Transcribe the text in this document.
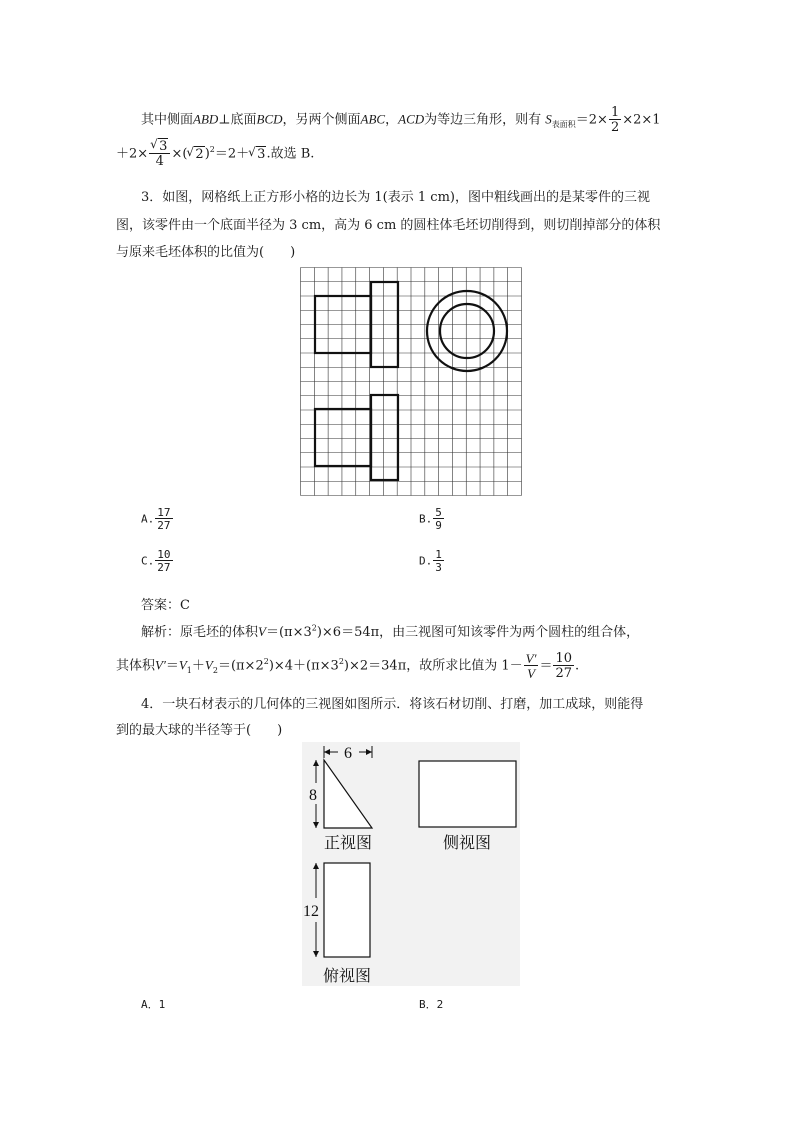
其中侧面ABD⊥底面BCD，另两个侧面ABC，ACD为等边三角形，则有 $S_{表面积}=2\times \frac{1}{2} \times 2\times 1$
＋2× √ $\frac{3}{4}$ ×( √ 2)$^2$＝2＋ √ 3.故选 B.
3．如图，网格纸上正方形小格的边长为 1(表示 1 cm)，图中粗线画出的是某零件的三视
图，该零件由一个底面半径为 3 cm，高为 6 cm 的圆柱体毛坯切削得到，则切削掉部分的体积
与原来毛坯体积的比值为(　　)
A. $\frac{17}{27}$	B. $\frac{5}{9}$
C. $\frac{10}{27}$	D. $\frac{1}{3}$
答案：C
解析：原毛坯的体积$V=(\pi\times 3^2)\times 6=54\pi$，由三视图可知该零件为两个圆柱的组合体，
其体积$V'=V_1+V_2=(\pi\times 2^2)\times 4+(\pi\times 3^2)\times 2=34\pi$，故所求比值为 $1- \frac{V'}{V} = \frac{10}{27}$ .
4．一块石材表示的几何体的三视图如图所示．将该石材切削、打磨，加工成球，则能得
到的最大球的半径等于(　　)
6
8
正视图	侧视图
12
俯视图
A．1	B．2
